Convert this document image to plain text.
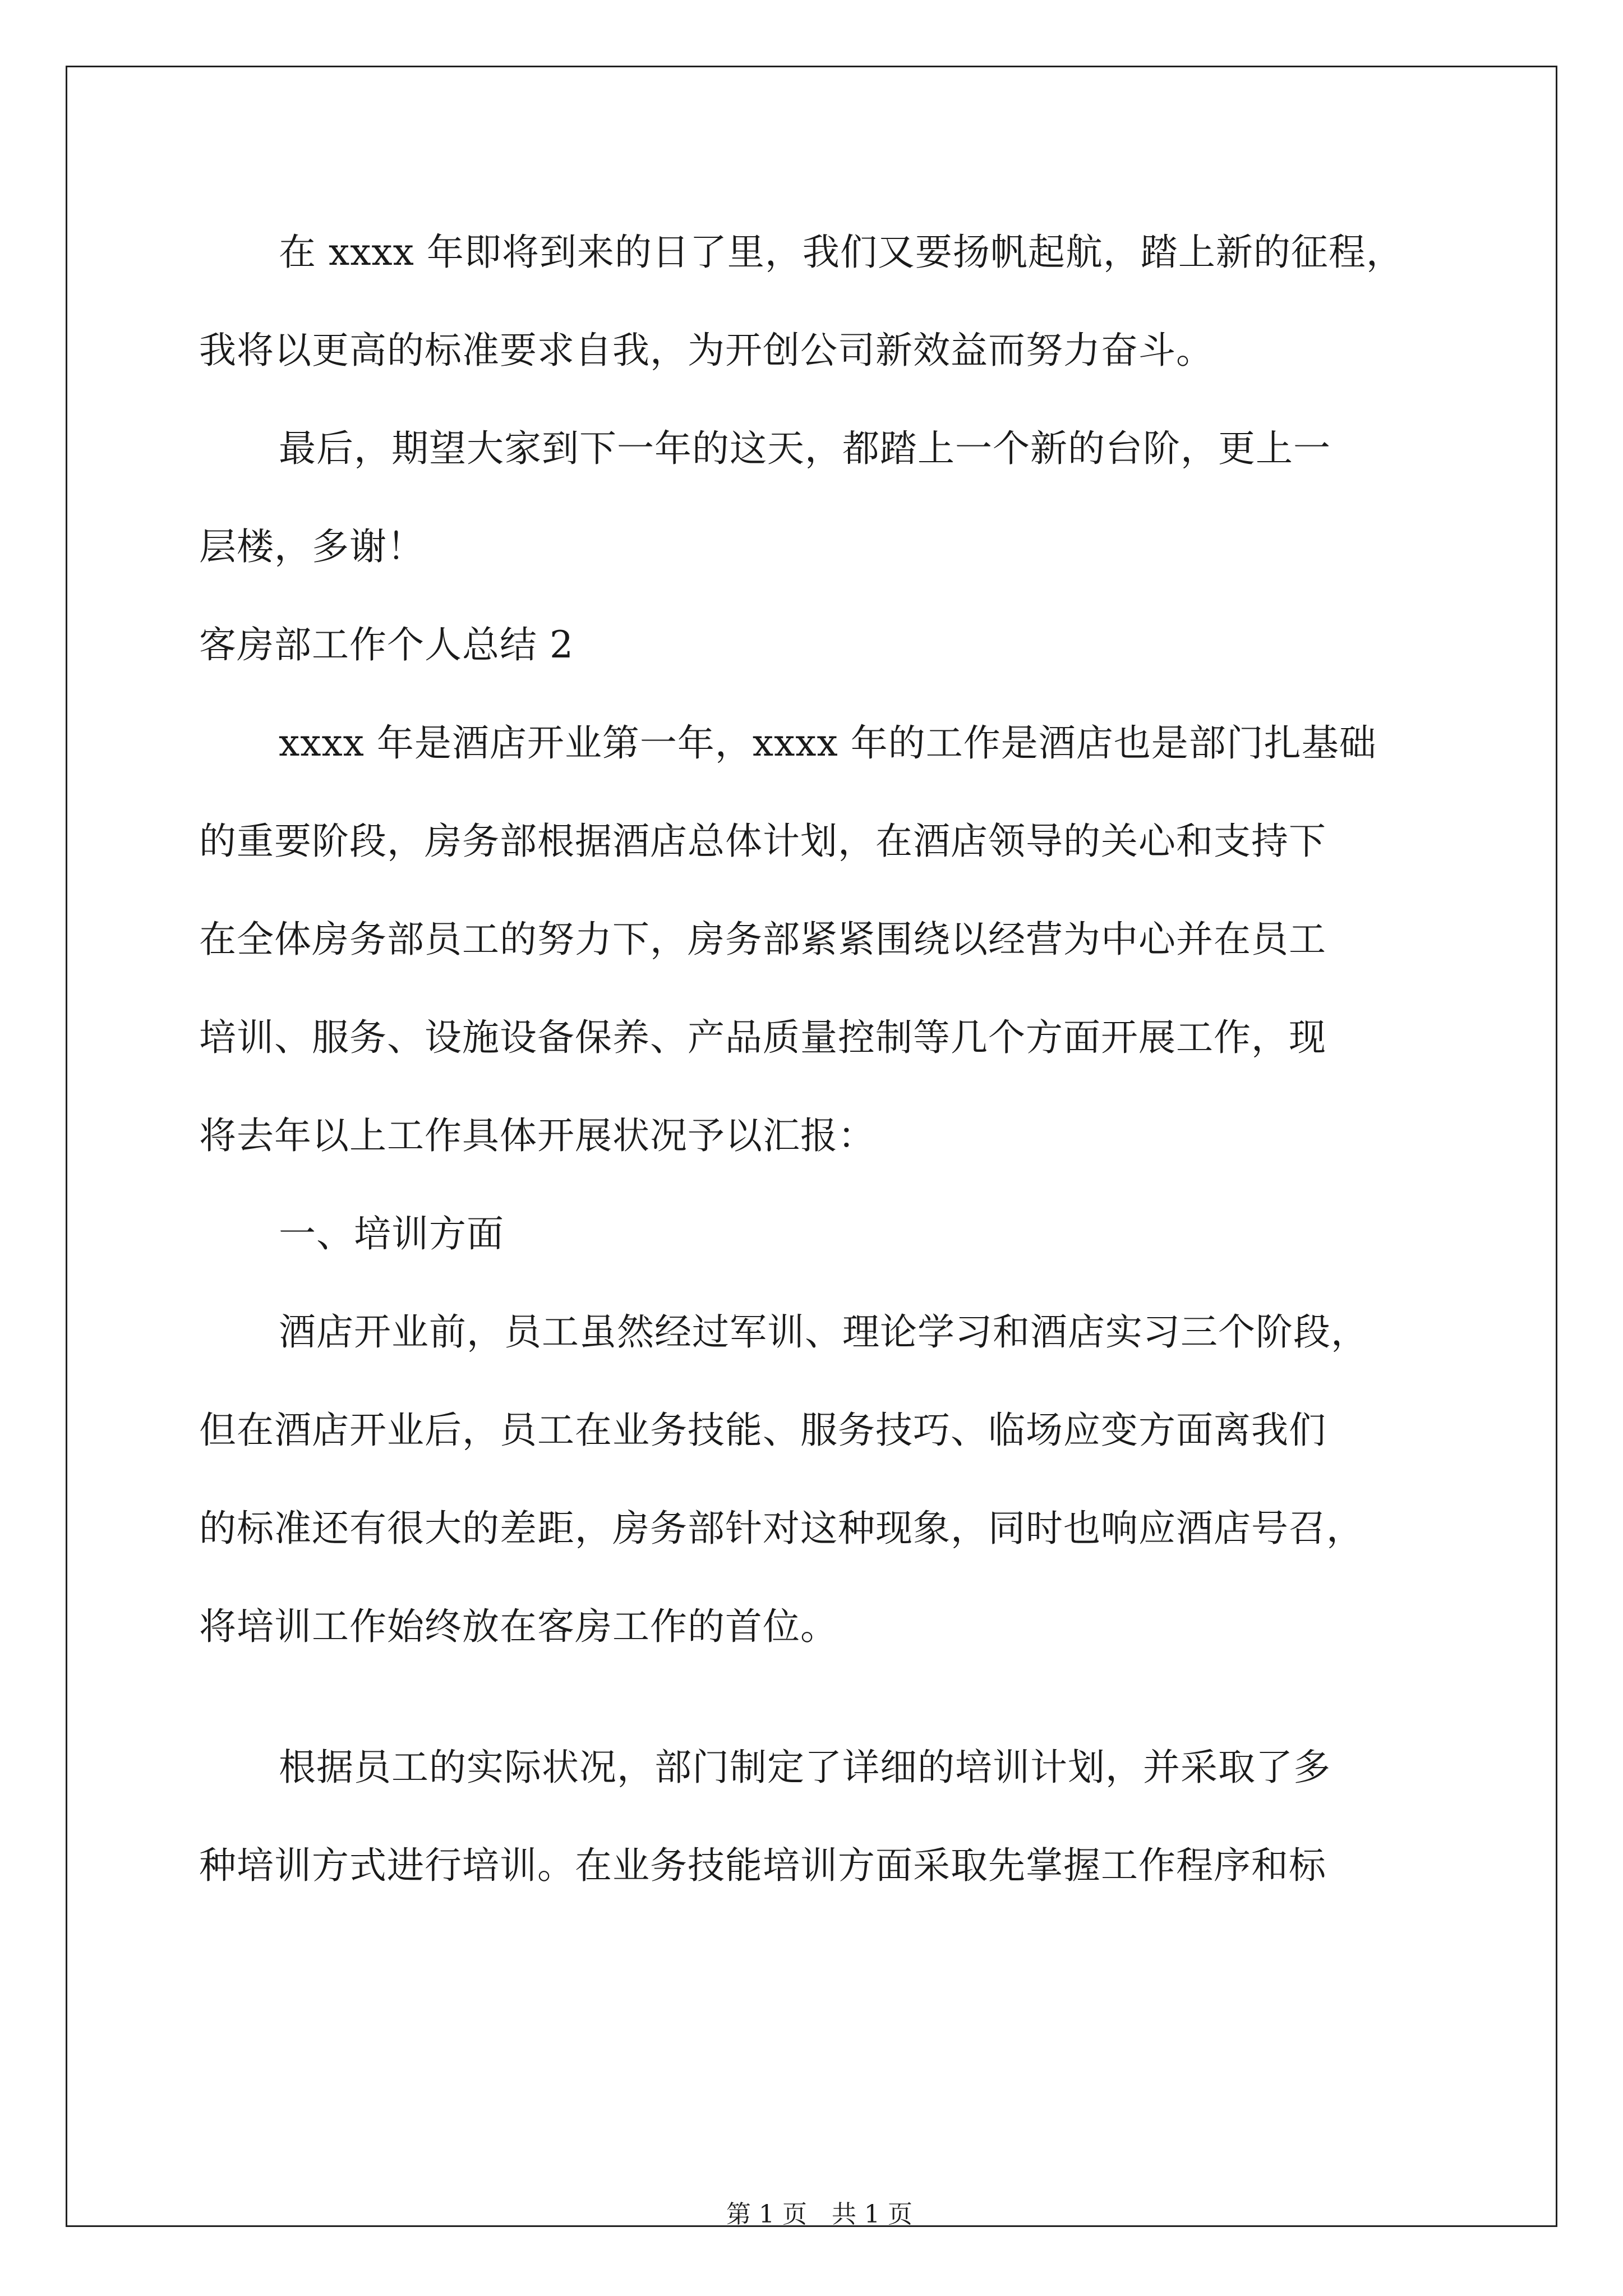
在 xxxx 年即将到来的日了里，我们又要扬帆起航，踏上新的征程，
我将以更高的标准要求自我，为开创公司新效益而努力奋斗。
最后，期望大家到下一年的这天，都踏上一个新的台阶，更上一
层楼，多谢！
客房部工作个人总结 2
xxxx 年是酒店开业第一年，xxxx 年的工作是酒店也是部门扎基础
的重要阶段，房务部根据酒店总体计划，在酒店领导的关心和支持下
在全体房务部员工的努力下，房务部紧紧围绕以经营为中心并在员工
培训、服务、设施设备保养、产品质量控制等几个方面开展工作，现
将去年以上工作具体开展状况予以汇报：
一、培训方面
酒店开业前，员工虽然经过军训、理论学习和酒店实习三个阶段，
但在酒店开业后，员工在业务技能、服务技巧、临场应变方面离我们
的标准还有很大的差距，房务部针对这种现象，同时也响应酒店号召，
将培训工作始终放在客房工作的首位。
根据员工的实际状况，部门制定了详细的培训计划，并采取了多
种培训方式进行培训。在业务技能培训方面采取先掌握工作程序和标

第 1 页　共 1 页
